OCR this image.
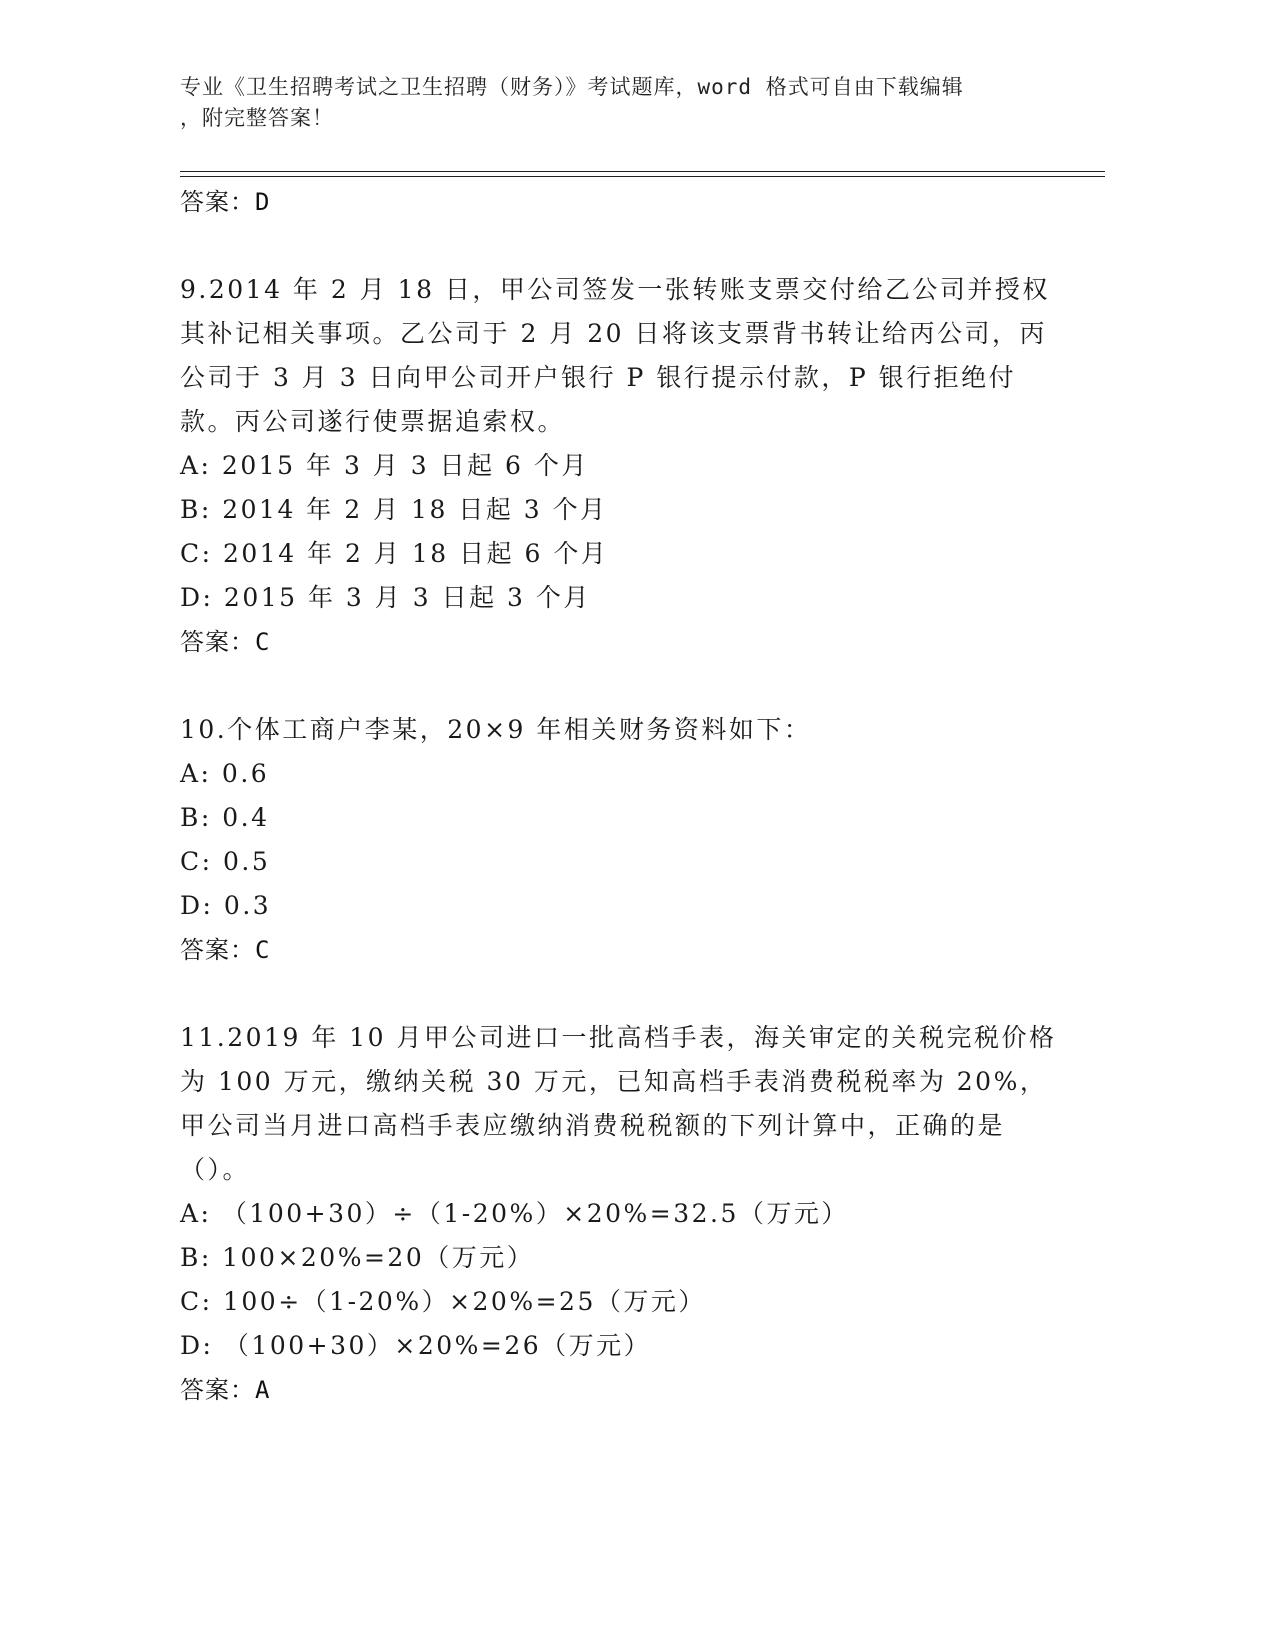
专业《卫生招聘考试之卫生招聘（财务）》考试题库，word 格式可自由下载编辑
，附完整答案！
答案：D

9.2014 年 2 月 18 日，甲公司签发一张转账支票交付给乙公司并授权其补记相关事项。乙公司于 2 月 20 日将该支票背书转让给丙公司，丙公司于 3 月 3 日向甲公司开户银行 P 银行提示付款，P 银行拒绝付款。丙公司遂行使票据追索权。

A: 2015 年 3 月 3 日起 6 个月
B: 2014 年 2 月 18 日起 3 个月
C: 2014 年 2 月 18 日起 6 个月
D: 2015 年 3 月 3 日起 3 个月
答案：C

10.个体工商户李某，20×9 年相关财务资料如下：

A: 0.6
B: 0.4
C: 0.5
D: 0.3
答案：C

11.2019 年 10 月甲公司进口一批高档手表，海关审定的关税完税价格为 100 万元，缴纳关税 30 万元，已知高档手表消费税税率为 20%，甲公司当月进口高档手表应缴纳消费税税额的下列计算中，正确的是（）。

A: （100+30）÷（1-20%）×20%=32.5（万元）
B: 100×20%=20（万元）
C: 100÷（1-20%）×20%=25（万元）
D: （100+30）×20%=26（万元）
答案：A
